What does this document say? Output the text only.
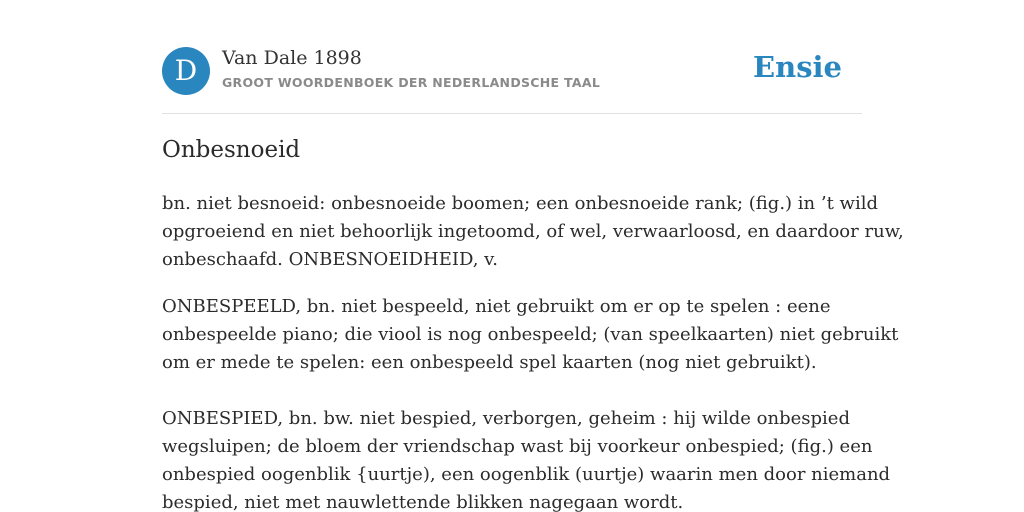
D	Van Dale 1898
GROOT WOORDENBOEK DER NEDERLANDSCHE TAAL	Ensie
Onbesnoeid

bn. niet besnoeid: onbesnoeide boomen; een onbesnoeide rank; (fig.) in ’t wild
opgroeiend en niet behoorlijk ingetoomd, of wel, verwaarloosd, en daardoor ruw,
onbeschaafd. ONBESNOEIDHEID, v.

ONBESPEELD, bn. niet bespeeld, niet gebruikt om er op te spelen : eene
onbespeelde piano; die viool is nog onbespeeld; (van speelkaarten) niet gebruikt
om er mede te spelen: een onbespeeld spel kaarten (nog niet gebruikt).

ONBESPIED, bn. bw. niet bespied, verborgen, geheim : hij wilde onbespied
wegsluipen; de bloem der vriendschap wast bij voorkeur onbespied; (fig.) een
onbespied oogenblik {uurtje), een oogenblik (uurtje) waarin men door niemand
bespied, niet met nauwlettende blikken nagegaan wordt.
